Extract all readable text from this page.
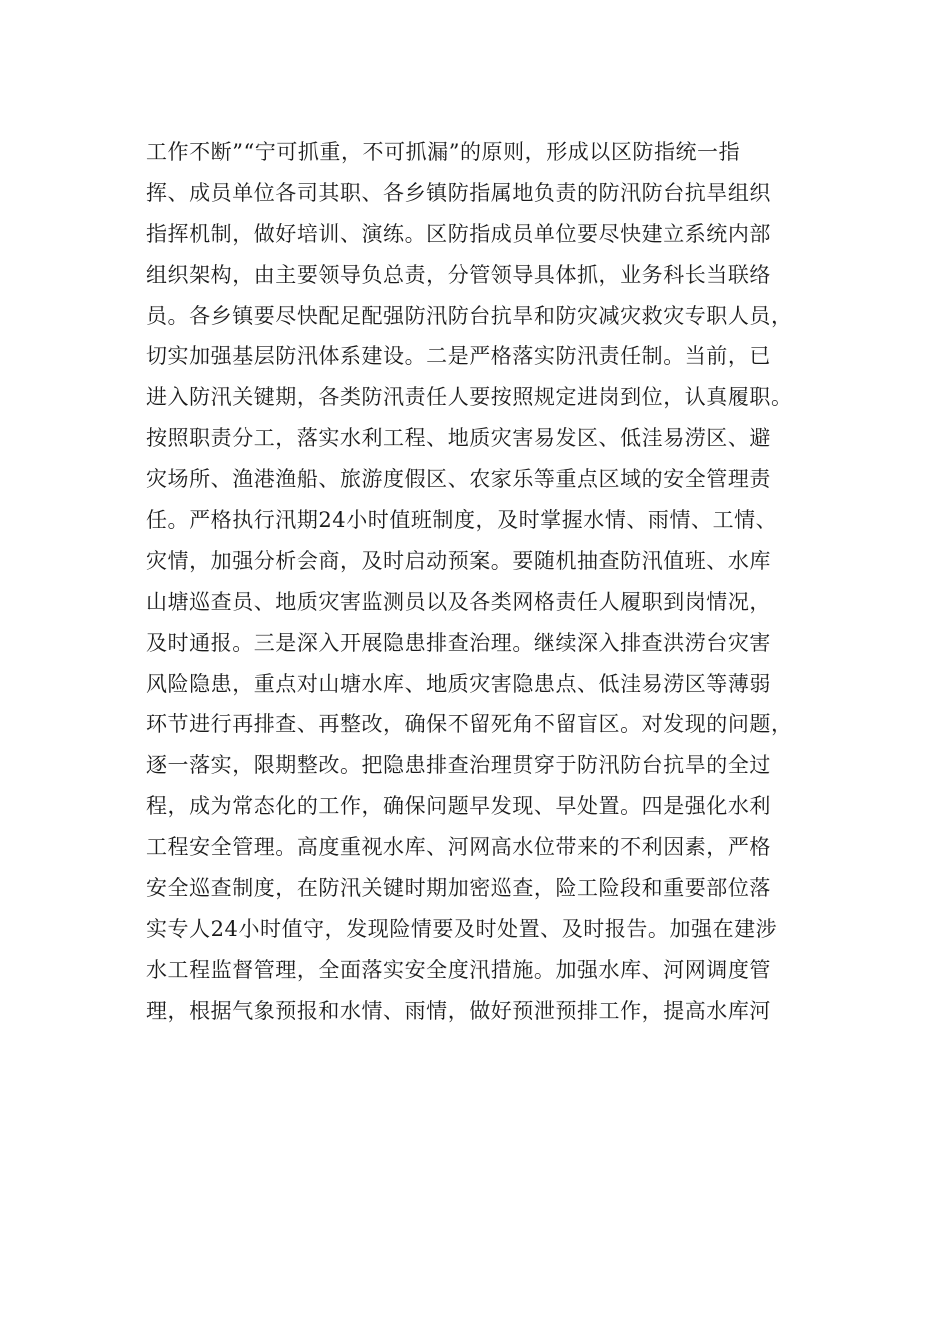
工作不断”“宁可抓重，不可抓漏”的原则，形成以区防指统一指
挥、成员单位各司其职、各乡镇防指属地负责的防汛防台抗旱组织
指挥机制，做好培训、演练。区防指成员单位要尽快建立系统内部
组织架构，由主要领导负总责，分管领导具体抓，业务科长当联络
员。各乡镇要尽快配足配强防汛防台抗旱和防灾减灾救灾专职人员，
切实加强基层防汛体系建设。二是严格落实防汛责任制。当前，已
进入防汛关键期，各类防汛责任人要按照规定进岗到位，认真履职。
按照职责分工，落实水利工程、地质灾害易发区、低洼易涝区、避
灾场所、渔港渔船、旅游度假区、农家乐等重点区域的安全管理责
任。严格执行汛期24小时值班制度，及时掌握水情、雨情、工情、
灾情，加强分析会商，及时启动预案。要随机抽查防汛值班、水库
山塘巡查员、地质灾害监测员以及各类网格责任人履职到岗情况，
及时通报。三是深入开展隐患排查治理。继续深入排查洪涝台灾害
风险隐患，重点对山塘水库、地质灾害隐患点、低洼易涝区等薄弱
环节进行再排查、再整改，确保不留死角不留盲区。对发现的问题，
逐一落实，限期整改。把隐患排查治理贯穿于防汛防台抗旱的全过
程，成为常态化的工作，确保问题早发现、早处置。四是强化水利
工程安全管理。高度重视水库、河网高水位带来的不利因素，严格
安全巡查制度，在防汛关键时期加密巡查，险工险段和重要部位落
实专人24小时值守，发现险情要及时处置、及时报告。加强在建涉
水工程监督管理，全面落实安全度汛措施。加强水库、河网调度管
理，根据气象预报和水情、雨情，做好预泄预排工作，提高水库河
